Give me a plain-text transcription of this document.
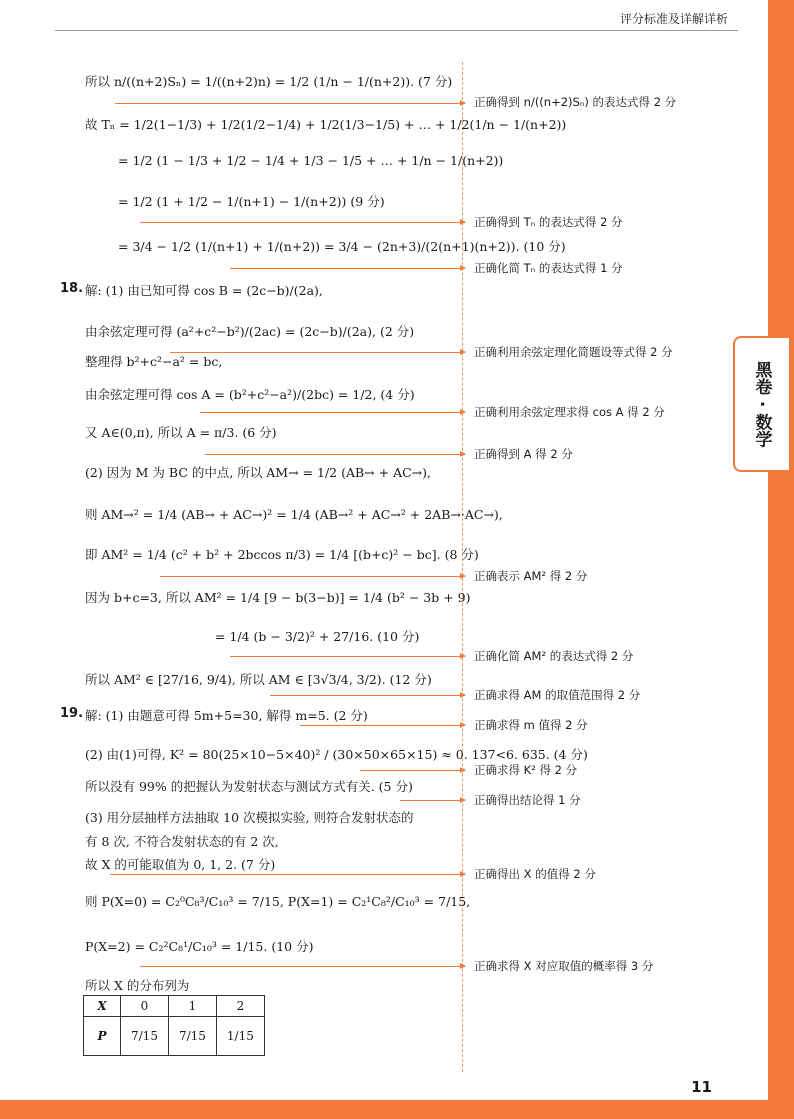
评分标准及详解详析
所以 n/((n+2)Sₙ) = 1/((n+2)n) = 1/2 (1/n − 1/(n+2)). (7 分)
故 Tₙ = 1/2(1−1/3) + 1/2(1/2−1/4) + 1/2(1/3−1/5) + … + 1/2(1/n − 1/(n+2))
= 1/2 (1 − 1/3 + 1/2 − 1/4 + 1/3 − 1/5 + … + 1/n − 1/(n+2))
= 1/2 (1 + 1/2 − 1/(n+1) − 1/(n+2)) (9 分)
= 3/4 − 1/2 (1/(n+1) + 1/(n+2)) = 3/4 − (2n+3)/(2(n+1)(n+2)). (10 分)
18. 解: (1) 由已知可得 cos B = (2c−b)/(2a),
由余弦定理可得 (a²+c²−b²)/(2ac) = (2c−b)/(2a), (2 分)
整理得 b²+c²−a² = bc,
由余弦定理可得 cos A = (b²+c²−a²)/(2bc) = 1/2, (4 分)
又 A∈(0,π), 所以 A = π/3. (6 分)
(2) 因为 M 为 BC 的中点, 所以 AM→ = 1/2 (AB→ + AC→),
则 AM→² = 1/4 (AB→ + AC→)² = 1/4 (AB→² + AC→² + 2AB→·AC→),
即 AM² = 1/4 (c² + b² + 2bccos π/3) = 1/4 [(b+c)² − bc]. (8 分)
因为 b+c=3, 所以 AM² = 1/4 [9 − b(3−b)] = 1/4 (b² − 3b + 9)
= 1/4 (b − 3/2)² + 27/16. (10 分)
所以 AM² ∈ [27/16, 9/4), 所以 AM ∈ [3√3/4, 3/2). (12 分)
19. 解: (1) 由题意可得 5m+5=30, 解得 m=5. (2 分)
(2) 由(1)可得, K² = 80(25×10−5×40)² / (30×50×65×15) ≈ 0. 137<6. 635. (4 分)
所以没有 99% 的把握认为发射状态与测试方式有关. (5 分)
(3) 用分层抽样方法抽取 10 次模拟实验, 则符合发射状态的
有 8 次, 不符合发射状态的有 2 次,
故 X 的可能取值为 0, 1, 2. (7 分)
则 P(X=0) = C₂⁰C₈³/C₁₀³ = 7/15, P(X=1) = C₂¹C₈²/C₁₀³ = 7/15,
P(X=2) = C₂²C₈¹/C₁₀³ = 1/15. (10 分)
所以 X 的分布列为
X	0	1	2
P	7/15	7/15	1/15
正确得到 n/((n+2)Sₙ) 的表达式得 2 分
正确得到 Tₙ 的表达式得 2 分
正确化简 Tₙ 的表达式得 1 分
正确利用余弦定理化简题设等式得 2 分
正确利用余弦定理求得 cos A 得 2 分
正确得到 A 得 2 分
正确表示 AM² 得 2 分
正确化简 AM² 的表达式得 2 分
正确求得 AM 的取值范围得 2 分
正确求得 m 值得 2 分
正确求得 K² 得 2 分
正确得出结论得 1 分
正确得出 X 的值得 2 分
正确求得 X 对应取值的概率得 3 分
11
黑卷 · 数学
